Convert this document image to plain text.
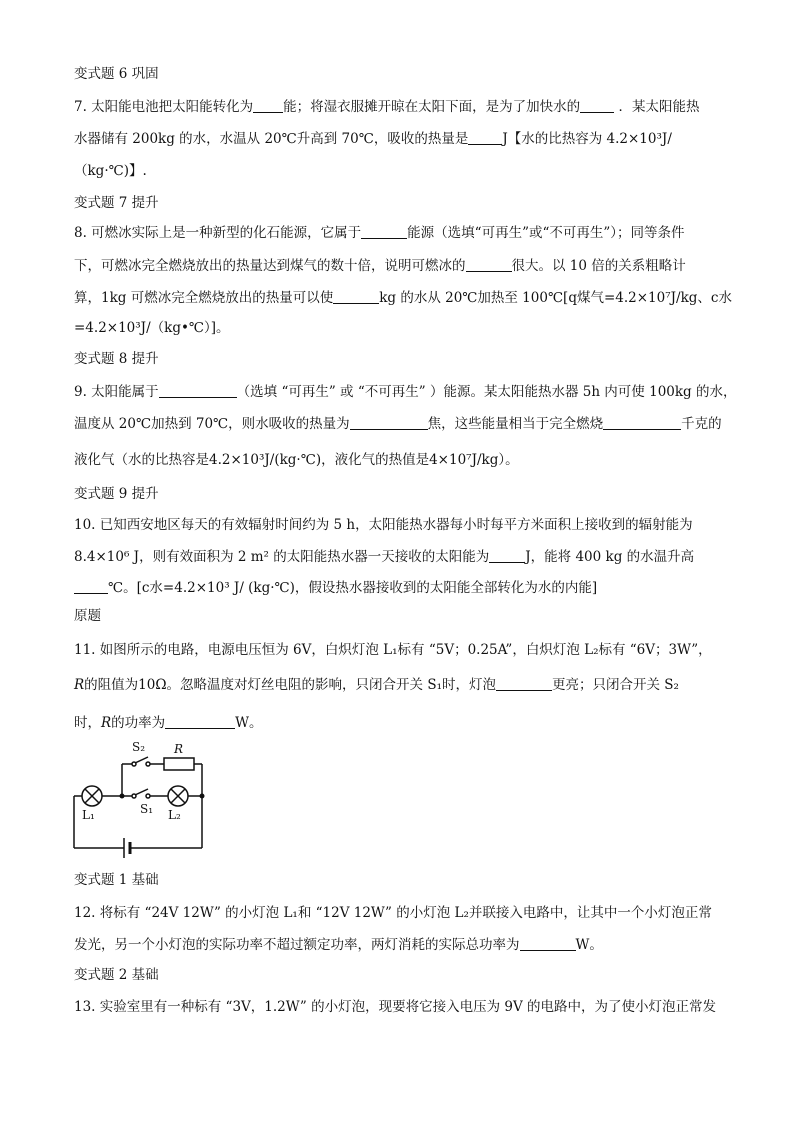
变式题 6 巩固
7. 太阳能电池把太阳能转化为 能；将湿衣服摊开晾在太阳下面，是为了加快水的	．某太阳能热
水器储有 200kg 的水，水温从 20℃升高到 70℃，吸收的热量是	J【水的比热容为 4.2×10³J/
（kg·℃)】.
变式题 7 提升
8. 可燃冰实际上是一种新型的化石能源，它属于	能源（选填“可再生”或“不可再生”）；同等条件
下，可燃冰完全燃烧放出的热量达到煤气的数十倍，说明可燃冰的	很大。以 10 倍的关系粗略计
算，1kg 可燃冰完全燃烧放出的热量可以使	kg 的水从 20℃加热至 100℃[q煤气=4.2×10⁷J/kg、c水
=4.2×10³J/（kg•℃）]。
变式题 8 提升
9. 太阳能属于	（选填 “可再生” 或 “不可再生” ）能源。某太阳能热水器 5h 内可使 100kg 的水，
温度从 20℃加热到 70℃，则水吸收的热量为	焦，这些能量相当于完全燃烧	千克的
液化气（水的比热容是4.2×10³J/(kg·℃)，液化气的热值是4×10⁷J/kg）。
变式题 9 提升
10. 已知西安地区每天的有效辐射时间约为 5 h，太阳能热水器每小时每平方米面积上接收到的辐射能为
8.4×10⁶ J，则有效面积为 2 m² 的太阳能热水器一天接收的太阳能为	J，能将 400 kg 的水温升高
℃。[c水=4.2×10³ J/ (kg·℃)，假设热水器接收到的太阳能全部转化为水的内能]
原题
11. 如图所示的电路，电源电压恒为 6V，白炽灯泡 L₁标有 “5V；0.25A”，白炽灯泡 L₂标有 “6V；3W”，
R的阻值为10Ω。忽略温度对灯丝电阻的影响，只闭合开关 S₁时，灯泡	更亮；只闭合开关 S₂
时，R的功率为	W。
S₂ R
S₁
L₁	L₂
变式题 1 基础
12. 将标有 “24V 12W” 的小灯泡 L₁和 “12V 12W” 的小灯泡 L₂并联接入电路中，让其中一个小灯泡正常
发光，另一个小灯泡的实际功率不超过额定功率，两灯消耗的实际总功率为	W。
变式题 2 基础
13. 实验室里有一种标有 “3V，1.2W” 的小灯泡，现要将它接入电压为 9V 的电路中，为了使小灯泡正常发
